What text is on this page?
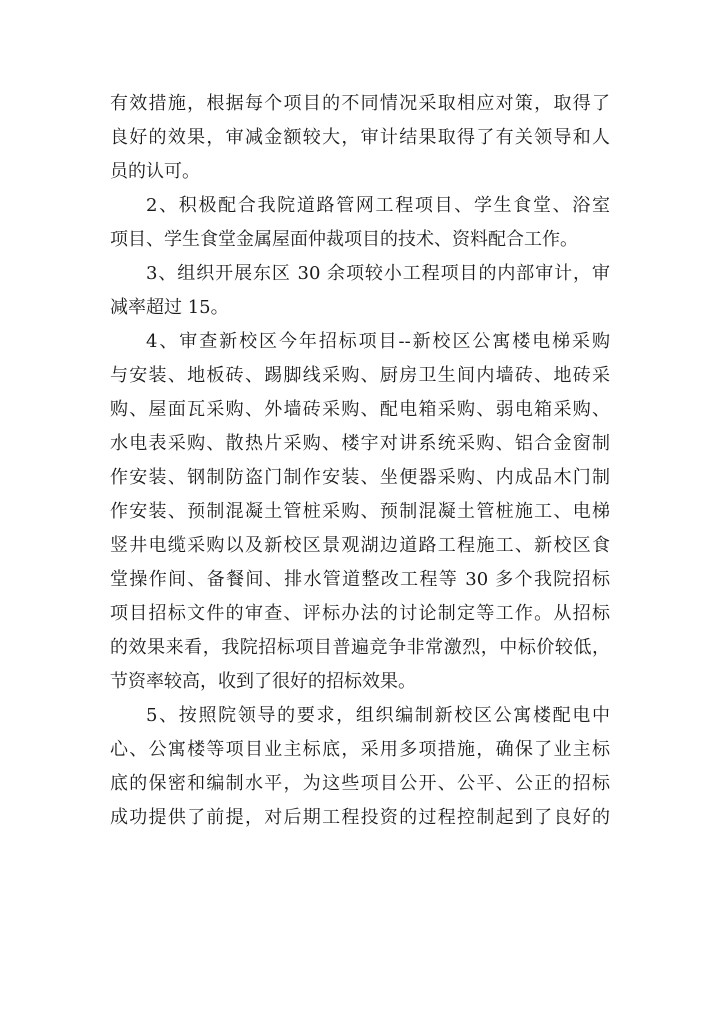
有效措施，根据每个项目的不同情况采取相应对策，取得了
良好的效果，审减金额较大，审计结果取得了有关领导和人
员的认可。
2、积极配合我院道路管网工程项目、学生食堂、浴室
项目、学生食堂金属屋面仲裁项目的技术、资料配合工作。
3、组织开展东区 30 余项较小工程项目的内部审计，审
减率超过 15。
4、审查新校区今年招标项目--新校区公寓楼电梯采购
与安装、地板砖、踢脚线采购、厨房卫生间内墙砖、地砖采
购、屋面瓦采购、外墙砖采购、配电箱采购、弱电箱采购、
水电表采购、散热片采购、楼宇对讲系统采购、铝合金窗制
作安装、钢制防盗门制作安装、坐便器采购、内成品木门制
作安装、预制混凝土管桩采购、预制混凝土管桩施工、电梯
竖井电缆采购以及新校区景观湖边道路工程施工、新校区食
堂操作间、备餐间、排水管道整改工程等 30 多个我院招标
项目招标文件的审查、评标办法的讨论制定等工作。从招标
的效果来看，我院招标项目普遍竞争非常激烈，中标价较低，
节资率较高，收到了很好的招标效果。
5、按照院领导的要求，组织编制新校区公寓楼配电中
心、公寓楼等项目业主标底，采用多项措施，确保了业主标
底的保密和编制水平，为这些项目公开、公平、公正的招标
成功提供了前提，对后期工程投资的过程控制起到了良好的
